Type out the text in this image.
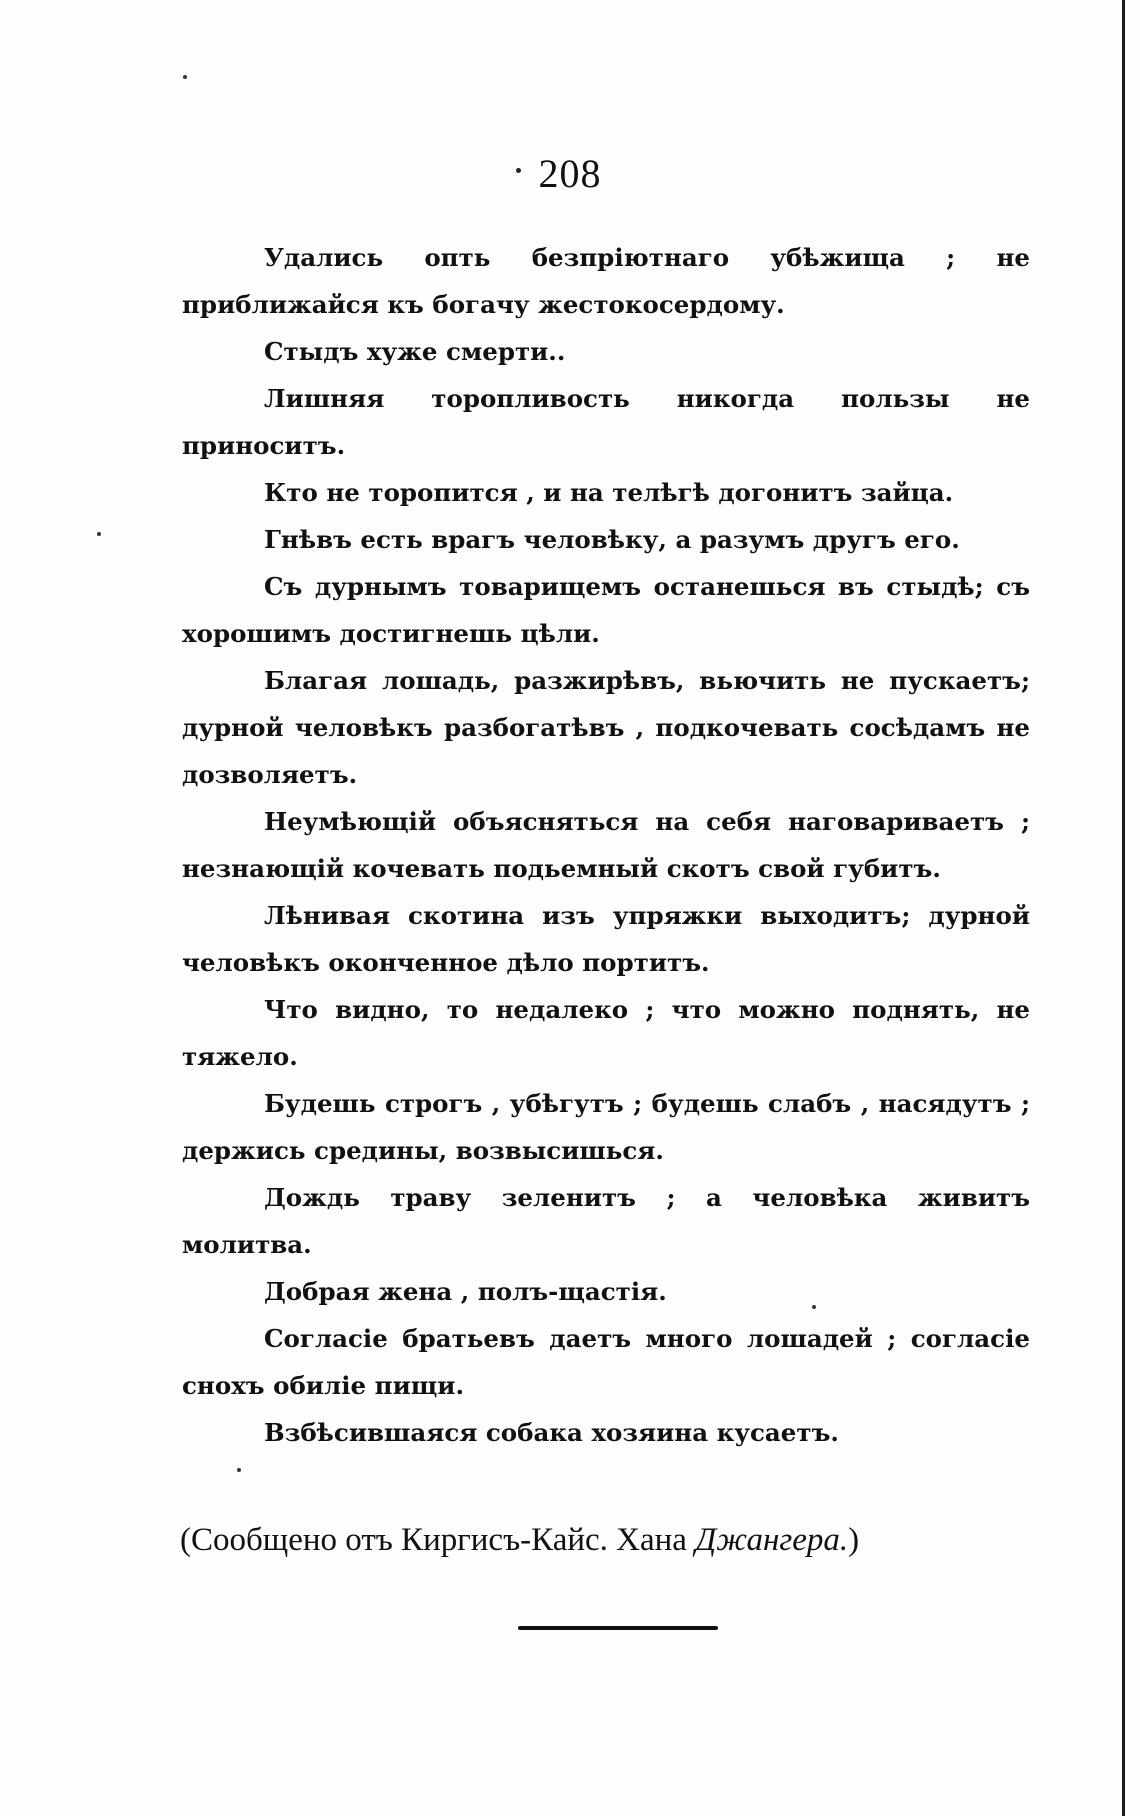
208

Удались опть безпріютнаго убѣжища ; не приближайся къ богачу жестокосердому.

Стыдъ хуже смерти..

Лишняя торопливость никогда пользы не приноситъ.

Кто не торопится , и на телѣгѣ догонитъ зайца.

Гнѣвъ есть врагъ человѣку, а разумъ другъ его.

Съ дурнымъ товарищемъ останешься въ стыдѣ; съ хорошимъ достигнешь цѣли.

Благая лошадь, разжирѣвъ, вьючить не пускаетъ; дурной человѣкъ разбогатѣвъ , подкочевать сосѣдамъ не дозволяетъ.

Неумѣющій объясняться на себя наговариваетъ ; незнающій кочевать подьемный скотъ свой губитъ.

Лѣнивая скотина изъ упряжки выходитъ; дурной человѣкъ оконченное дѣло портитъ.

Что видно, то недалеко ; что можно поднять, не тяжело.

Будешь строгъ , убѣгутъ ; будешь слабъ , насядутъ ; держись средины, возвысишься.

Дождь траву зеленитъ ; а человѣка живитъ молитва.

Добрая жена , полъ-щастія.

Согласіе братьевъ даетъ много лошадей ; согласіе снохъ обиліе пищи.

Взбѣсившаяся собака хозяина кусаетъ.

(Сообщено отъ Киргисъ-Кайс. Хана Джангера.)
